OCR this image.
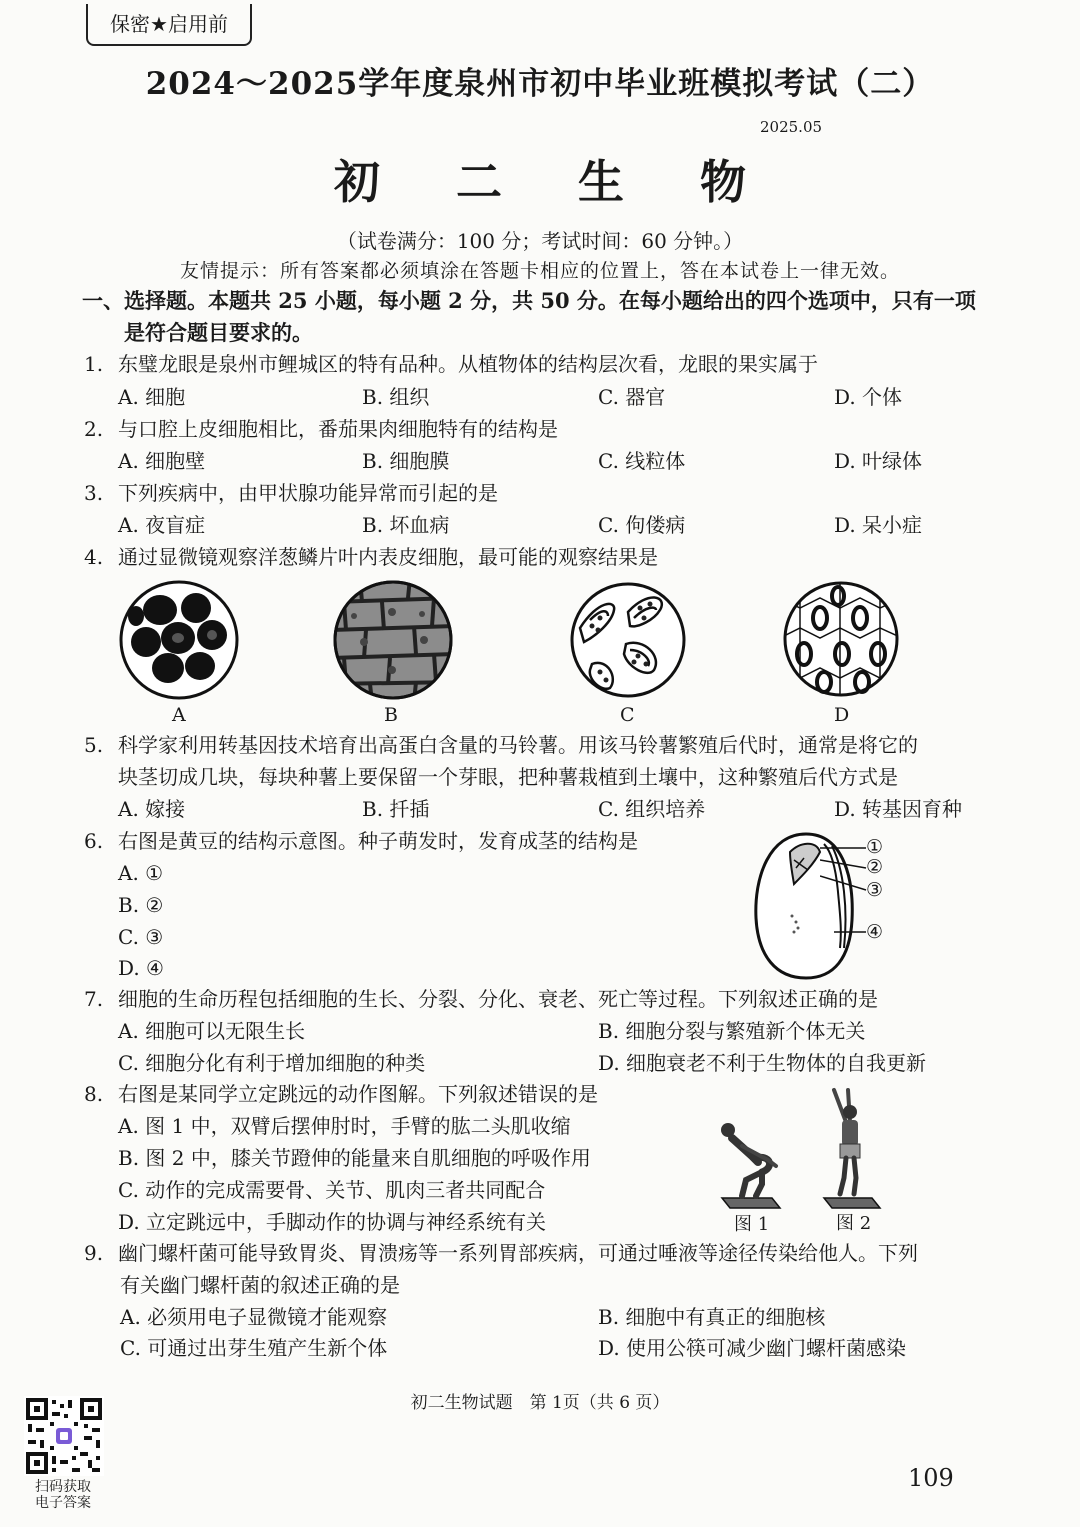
保密★启用前
2024～2025学年度泉州市初中毕业班模拟考试（二）
2025.05
初 二 生 物
（试卷满分：100 分；考试时间：60 分钟。）
友情提示：所有答案都必须填涂在答题卡相应的位置上，答在本试卷上一律无效。
一、选择题。本题共 25 小题，每小题 2 分，共 50 分。在每小题给出的四个选项中，只有一项
是符合题目要求的。
1. 东璧龙眼是泉州市鲤城区的特有品种。从植物体的结构层次看，龙眼的果实属于
A. 细胞	B. 组织	C. 器官	D. 个体
2. 与口腔上皮细胞相比，番茄果肉细胞特有的结构是
A. 细胞壁	B. 细胞膜	C. 线粒体	D. 叶绿体
3. 下列疾病中，由甲状腺功能异常而引起的是
A. 夜盲症	B. 坏血病	C. 佝偻病	D. 呆小症
4. 通过显微镜观察洋葱鳞片叶内表皮细胞，最可能的观察结果是
A	B	C	D
5. 科学家利用转基因技术培育出高蛋白含量的马铃薯。用该马铃薯繁殖后代时，通常是将它的
块茎切成几块，每块种薯上要保留一个芽眼，把种薯栽植到土壤中，这种繁殖后代方式是
A. 嫁接	B. 扦插	C. 组织培养	D. 转基因育种
6. 右图是黄豆的结构示意图。种子萌发时，发育成茎的结构是
A. ①
B. ②
C. ③
D. ④
①
②
③
④
7. 细胞的生命历程包括细胞的生长、分裂、分化、衰老、死亡等过程。下列叙述正确的是
A. 细胞可以无限生长	B. 细胞分裂与繁殖新个体无关
C. 细胞分化有利于增加细胞的种类	D. 细胞衰老不利于生物体的自我更新
8. 右图是某同学立定跳远的动作图解。下列叙述错误的是
A. 图 1 中，双臂后摆伸肘时，手臂的肱二头肌收缩
B. 图 2 中，膝关节蹬伸的能量来自肌细胞的呼吸作用
C. 动作的完成需要骨、关节、肌肉三者共同配合
D. 立定跳远中，手脚动作的协调与神经系统有关	图 1	图 2
9. 幽门螺杆菌可能导致胃炎、胃溃疡等一系列胃部疾病，可通过唾液等途径传染给他人。下列
有关幽门螺杆菌的叙述正确的是
A. 必须用电子显微镜才能观察	B. 细胞中有真正的细胞核
C. 可通过出芽生殖产生新个体	D. 使用公筷可减少幽门螺杆菌感染
初二生物试题　第 1页（共 6 页）
109
扫码获取
电子答案
